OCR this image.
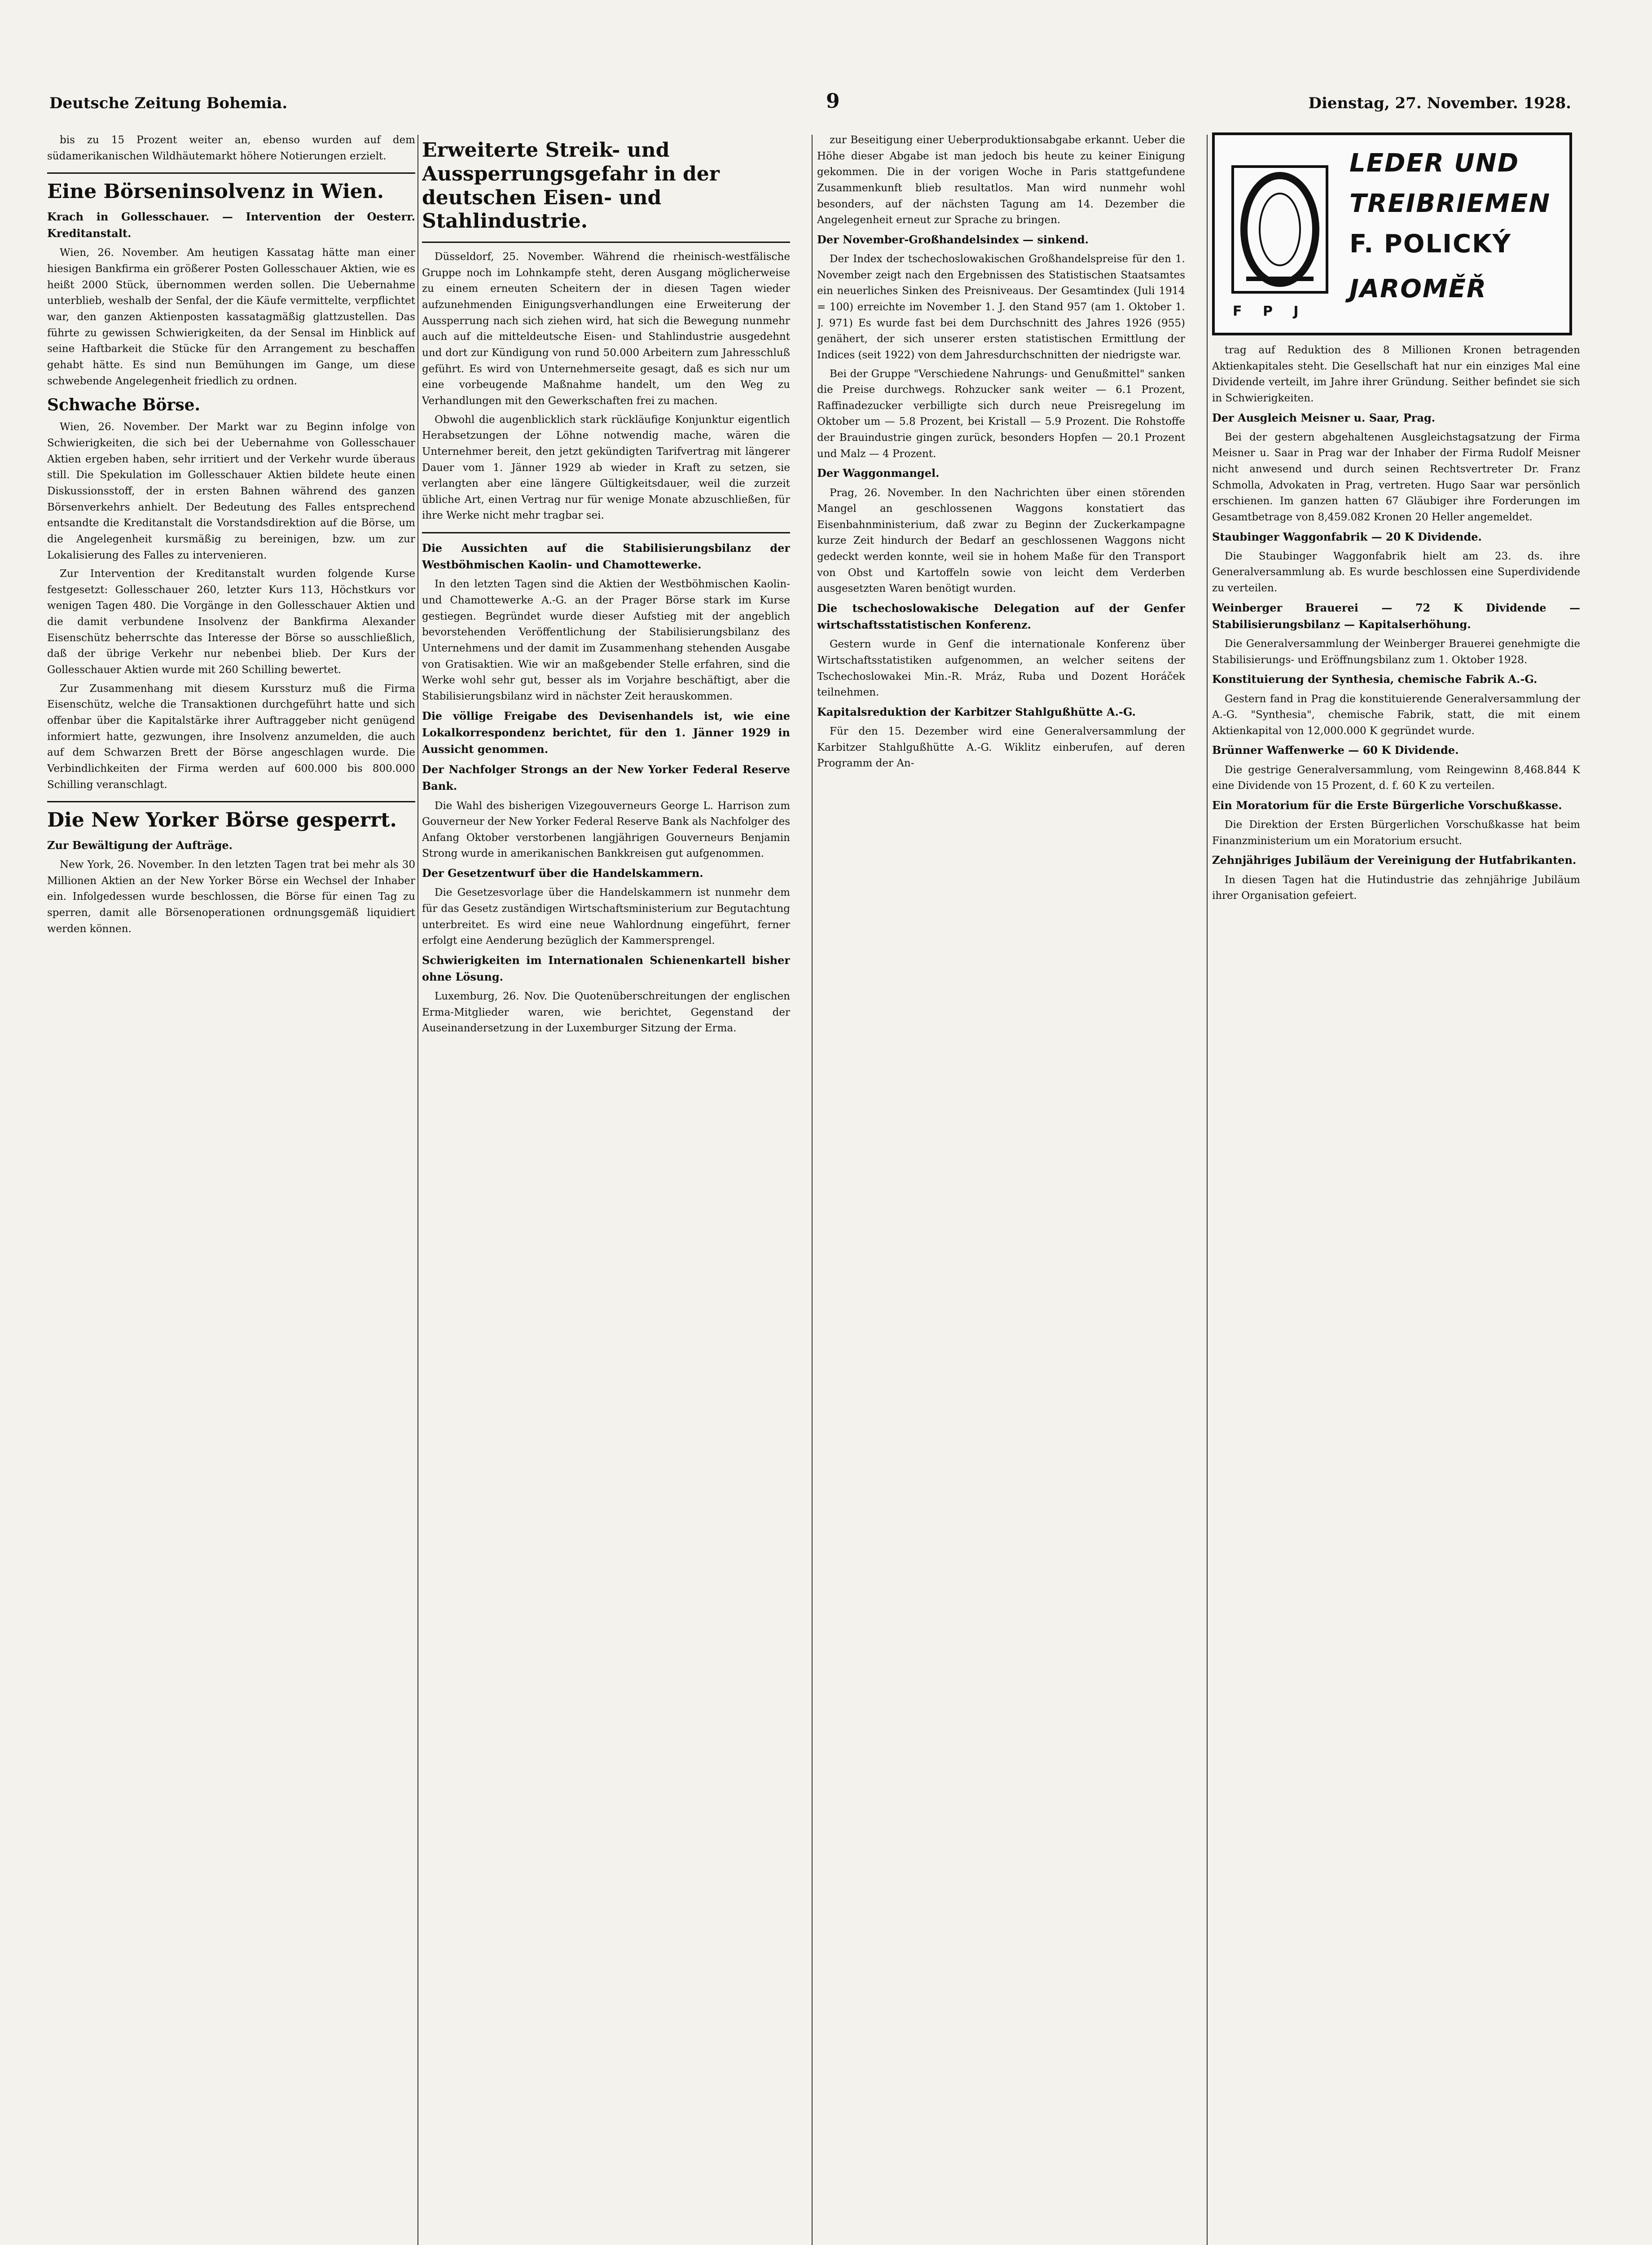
Deutsche Zeitung Bohemia.	9	Dienstag, 27. November. 1928.

bis zu 15 Prozent weiter an, ebenso wurden auf dem südamerikanischen Wildhäutemarkt höhere Notierungen erzielt.

Eine Börseninsolvenz in Wien.
Krach in Gollesschauer. — Intervention der Oesterr. Kreditanstalt.

Wien, 26. November. Am heutigen Kassatag hätte man einer hiesigen Bankfirma ein größerer Posten Gollesschauer Aktien, wie es heißt 2000 Stück, übernommen werden sollen. Die Uebernahme unterblieb, weshalb der Senfal, der die Käufe vermittelte, verpflichtet war, den ganzen Aktienposten kassatagmäßig glattzustellen. Das führte zu gewissen Schwierigkeiten, da der Sensal im Hinblick auf seine Haftbarkeit die Stücke für den Arrangement zu beschaffen gehabt hätte. Es sind nun Bemühungen im Gange, um diese schwebende Angelegenheit friedlich zu ordnen.

Schwache Börse.

Wien, 26. November. Der Markt war zu Beginn infolge von Schwierigkeiten, die sich bei der Uebernahme von Gollesschauer Aktien ergeben haben, sehr irritiert und der Verkehr wurde überaus still. Die Spekulation im Gollesschauer Aktien bildete heute einen Diskussionsstoff, der in ersten Bahnen während des ganzen Börsenverkehrs anhielt. Der Bedeutung des Falles entsprechend entsandte die Kreditanstalt die Vorstandsdirektion auf die Börse, um die Angelegenheit kursmäßig zu bereinigen, bzw. um zur Lokalisierung des Falles zu intervenieren.

Zur Intervention der Kreditanstalt wurden folgende Kurse festgesetzt: Gollesschauer 260, letzter Kurs 113, Höchstkurs vor wenigen Tagen 480. Die Vorgänge in den Gollesschauer Aktien und die damit verbundene Insolvenz der Bankfirma Alexander Eisenschütz beherrschte das Interesse der Börse so ausschließlich, daß der übrige Verkehr nur nebenbei blieb. Der Kurs der Gollesschauer Aktien wurde mit 260 Schilling bewertet.

Zur Zusammenhang mit diesem Kurssturz muß die Firma Eisenschütz, welche die Transaktionen durchgeführt hatte und sich offenbar über die Kapitalstärke ihrer Auftraggeber nicht genügend informiert hatte, gezwungen, ihre Insolvenz anzumelden, die auch auf dem Schwarzen Brett der Börse angeschlagen wurde. Die Verbindlichkeiten der Firma werden auf 600.000 bis 800.000 Schilling veranschlagt.

Die New Yorker Börse gesperrt.
Zur Bewältigung der Aufträge.

New York, 26. November. In den letzten Tagen trat bei mehr als 30 Millionen Aktien an der New Yorker Börse ein Wechsel der Inhaber ein. Infolgedessen wurde beschlossen, die Börse für einen Tag zu sperren, damit alle Börsenoperationen ordnungsgemäß liquidiert werden können.

Erweiterte Streik- und Aussperrungsgefahr in der deutschen Eisen- und Stahlindustrie.

Düsseldorf, 25. November. Während die rheinisch-westfälische Gruppe noch im Lohnkampfe steht, deren Ausgang möglicherweise zu einem erneuten Scheitern der in diesen Tagen wieder aufzunehmenden Einigungsverhandlungen eine Erweiterung der Aussperrung nach sich ziehen wird, hat sich die Bewegung nunmehr auch auf die mitteldeutsche Eisen- und Stahlindustrie ausgedehnt und dort zur Kündigung von rund 50.000 Arbeitern zum Jahresschluß geführt. Es wird von Unternehmerseite gesagt, daß es sich nur um eine vorbeugende Maßnahme handelt, um den Weg zu Verhandlungen mit den Gewerkschaften frei zu machen.

Obwohl die augenblicklich stark rückläufige Konjunktur eigentlich Herabsetzungen der Löhne notwendig mache, wären die Unternehmer bereit, den jetzt gekündigten Tarifvertrag mit längerer Dauer vom 1. Jänner 1929 ab wieder in Kraft zu setzen, sie verlangten aber eine längere Gültigkeitsdauer, weil die zurzeit übliche Art, einen Vertrag nur für wenige Monate abzuschließen, für ihre Werke nicht mehr tragbar sei.

Die Aussichten auf die Stabilisierungsbilanz der Westböhmischen Kaolin- und Chamottewerke.

In den letzten Tagen sind die Aktien der Westböhmischen Kaolin- und Chamottewerke A.-G. an der Prager Börse stark im Kurse gestiegen. Begründet wurde dieser Aufstieg mit der angeblich bevorstehenden Veröffentlichung der Stabilisierungsbilanz des Unternehmens und der damit im Zusammenhang stehenden Ausgabe von Gratisaktien. Wie wir an maßgebender Stelle erfahren, sind die Werke wohl sehr gut, besser als im Vorjahre beschäftigt, aber die Stabilisierungsbilanz wird in nächster Zeit herauskommen.

Die völlige Freigabe des Devisenhandels ist, wie eine Lokalkorrespondenz berichtet, für den 1. Jänner 1929 in Aussicht genommen.
Der Nachfolger Strongs an der New Yorker Federal Reserve Bank.

Die Wahl des bisherigen Vizegouverneurs George L. Harrison zum Gouverneur der New Yorker Federal Reserve Bank als Nachfolger des Anfang Oktober verstorbenen langjährigen Gouverneurs Benjamin Strong wurde in amerikanischen Bankkreisen gut aufgenommen.

Der Gesetzentwurf über die Handelskammern.

Die Gesetzesvorlage über die Handelskammern ist nunmehr dem für das Gesetz zuständigen Wirtschaftsministerium zur Begutachtung unterbreitet. Es wird eine neue Wahlordnung eingeführt, ferner erfolgt eine Aenderung bezüglich der Kammersprengel.

Schwierigkeiten im Internationalen Schienenkartell bisher ohne Lösung.

Luxemburg, 26. Nov. Die Quotenüberschreitungen der englischen Erma-Mitglieder waren, wie berichtet, Gegenstand der Auseinandersetzung in der Luxemburger Sitzung der Erma.

zur Beseitigung einer Ueberproduktionsabgabe erkannt. Ueber die Höhe dieser Abgabe ist man jedoch bis heute zu keiner Einigung gekommen. Die in der vorigen Woche in Paris stattgefundene Zusammenkunft blieb resultatlos. Man wird nunmehr wohl besonders, auf der nächsten Tagung am 14. Dezember die Angelegenheit erneut zur Sprache zu bringen.

Der November-Großhandelsindex — sinkend.

Der Index der tschechoslowakischen Großhandelspreise für den 1. November zeigt nach den Ergebnissen des Statistischen Staatsamtes ein neuerliches Sinken des Preisniveaus. Der Gesamtindex (Juli 1914 = 100) erreichte im November 1. J. den Stand 957 (am 1. Oktober 1. J. 971) Es wurde fast bei dem Durchschnitt des Jahres 1926 (955) genähert, der sich unserer ersten statistischen Ermittlung der Indices (seit 1922) von dem Jahresdurchschnitten der niedrigste war.

Bei der Gruppe "Verschiedene Nahrungs- und Genußmittel" sanken die Preise durchwegs. Rohzucker sank weiter — 6.1 Prozent, Raffinadezucker verbilligte sich durch neue Preisregelung im Oktober um — 5.8 Prozent, bei Kristall — 5.9 Prozent. Die Rohstoffe der Brauindustrie gingen zurück, besonders Hopfen — 20.1 Prozent und Malz — 4 Prozent.

Der Waggonmangel.

Prag, 26. November. In den Nachrichten über einen störenden Mangel an geschlossenen Waggons konstatiert das Eisenbahnministerium, daß zwar zu Beginn der Zuckerkampagne kurze Zeit hindurch der Bedarf an geschlossenen Waggons nicht gedeckt werden konnte, weil sie in hohem Maße für den Transport von Obst und Kartoffeln sowie von leicht dem Verderben ausgesetzten Waren benötigt wurden.

Die tschechoslowakische Delegation auf der Genfer wirtschaftsstatistischen Konferenz.

Gestern wurde in Genf die internationale Konferenz über Wirtschaftsstatistiken aufgenommen, an welcher seitens der Tschechoslowakei Min.-R. Mráz, Ruba und Dozent Horáček teilnehmen.

Kapitalsreduktion der Karbitzer Stahlgußhütte A.-G.

Für den 15. Dezember wird eine Generalversammlung der Karbitzer Stahlgußhütte A.-G. Wiklitz einberufen, auf deren Programm der An-

LEDER UND
TREIBRIEMEN
F. POLICKÝ
JAROMĚŘ
F P J

trag auf Reduktion des 8 Millionen Kronen betragenden Aktienkapitales steht. Die Gesellschaft hat nur ein einziges Mal eine Dividende verteilt, im Jahre ihrer Gründung. Seither befindet sie sich in Schwierigkeiten.

Der Ausgleich Meisner u. Saar, Prag.

Bei der gestern abgehaltenen Ausgleichstagsatzung der Firma Meisner u. Saar in Prag war der Inhaber der Firma Rudolf Meisner nicht anwesend und durch seinen Rechtsvertreter Dr. Franz Schmolla, Advokaten in Prag, vertreten. Hugo Saar war persönlich erschienen. Im ganzen hatten 67 Gläubiger ihre Forderungen im Gesamtbetrage von 8,459.082 Kronen 20 Heller angemeldet.

Staubinger Waggonfabrik — 20 K Dividende.

Die Staubinger Waggonfabrik hielt am 23. ds. ihre Generalversammlung ab. Es wurde beschlossen eine Superdividende zu verteilen.

Weinberger Brauerei — 72 K Dividende — Stabilisierungsbilanz — Kapitalserhöhung.

Die Generalversammlung der Weinberger Brauerei genehmigte die Stabilisierungs- und Eröffnungsbilanz zum 1. Oktober 1928.

Konstituierung der Synthesia, chemische Fabrik A.-G.

Gestern fand in Prag die konstituierende Generalversammlung der A.-G. "Synthesia", chemische Fabrik, statt, die mit einem Aktienkapital von 12,000.000 K gegründet wurde.

Brünner Waffenwerke — 60 K Dividende.

Die gestrige Generalversammlung, vom Reingewinn 8,468.844 K eine Dividende von 15 Prozent, d. f. 60 K zu verteilen.

Ein Moratorium für die Erste Bürgerliche Vorschußkasse.

Die Direktion der Ersten Bürgerlichen Vorschußkasse hat beim Finanzministerium um ein Moratorium ersucht.

Zehnjähriges Jubiläum der Vereinigung der Hutfabrikanten.

In diesen Tagen hat die Hutindustrie das zehnjährige Jubiläum ihrer Organisation gefeiert.
